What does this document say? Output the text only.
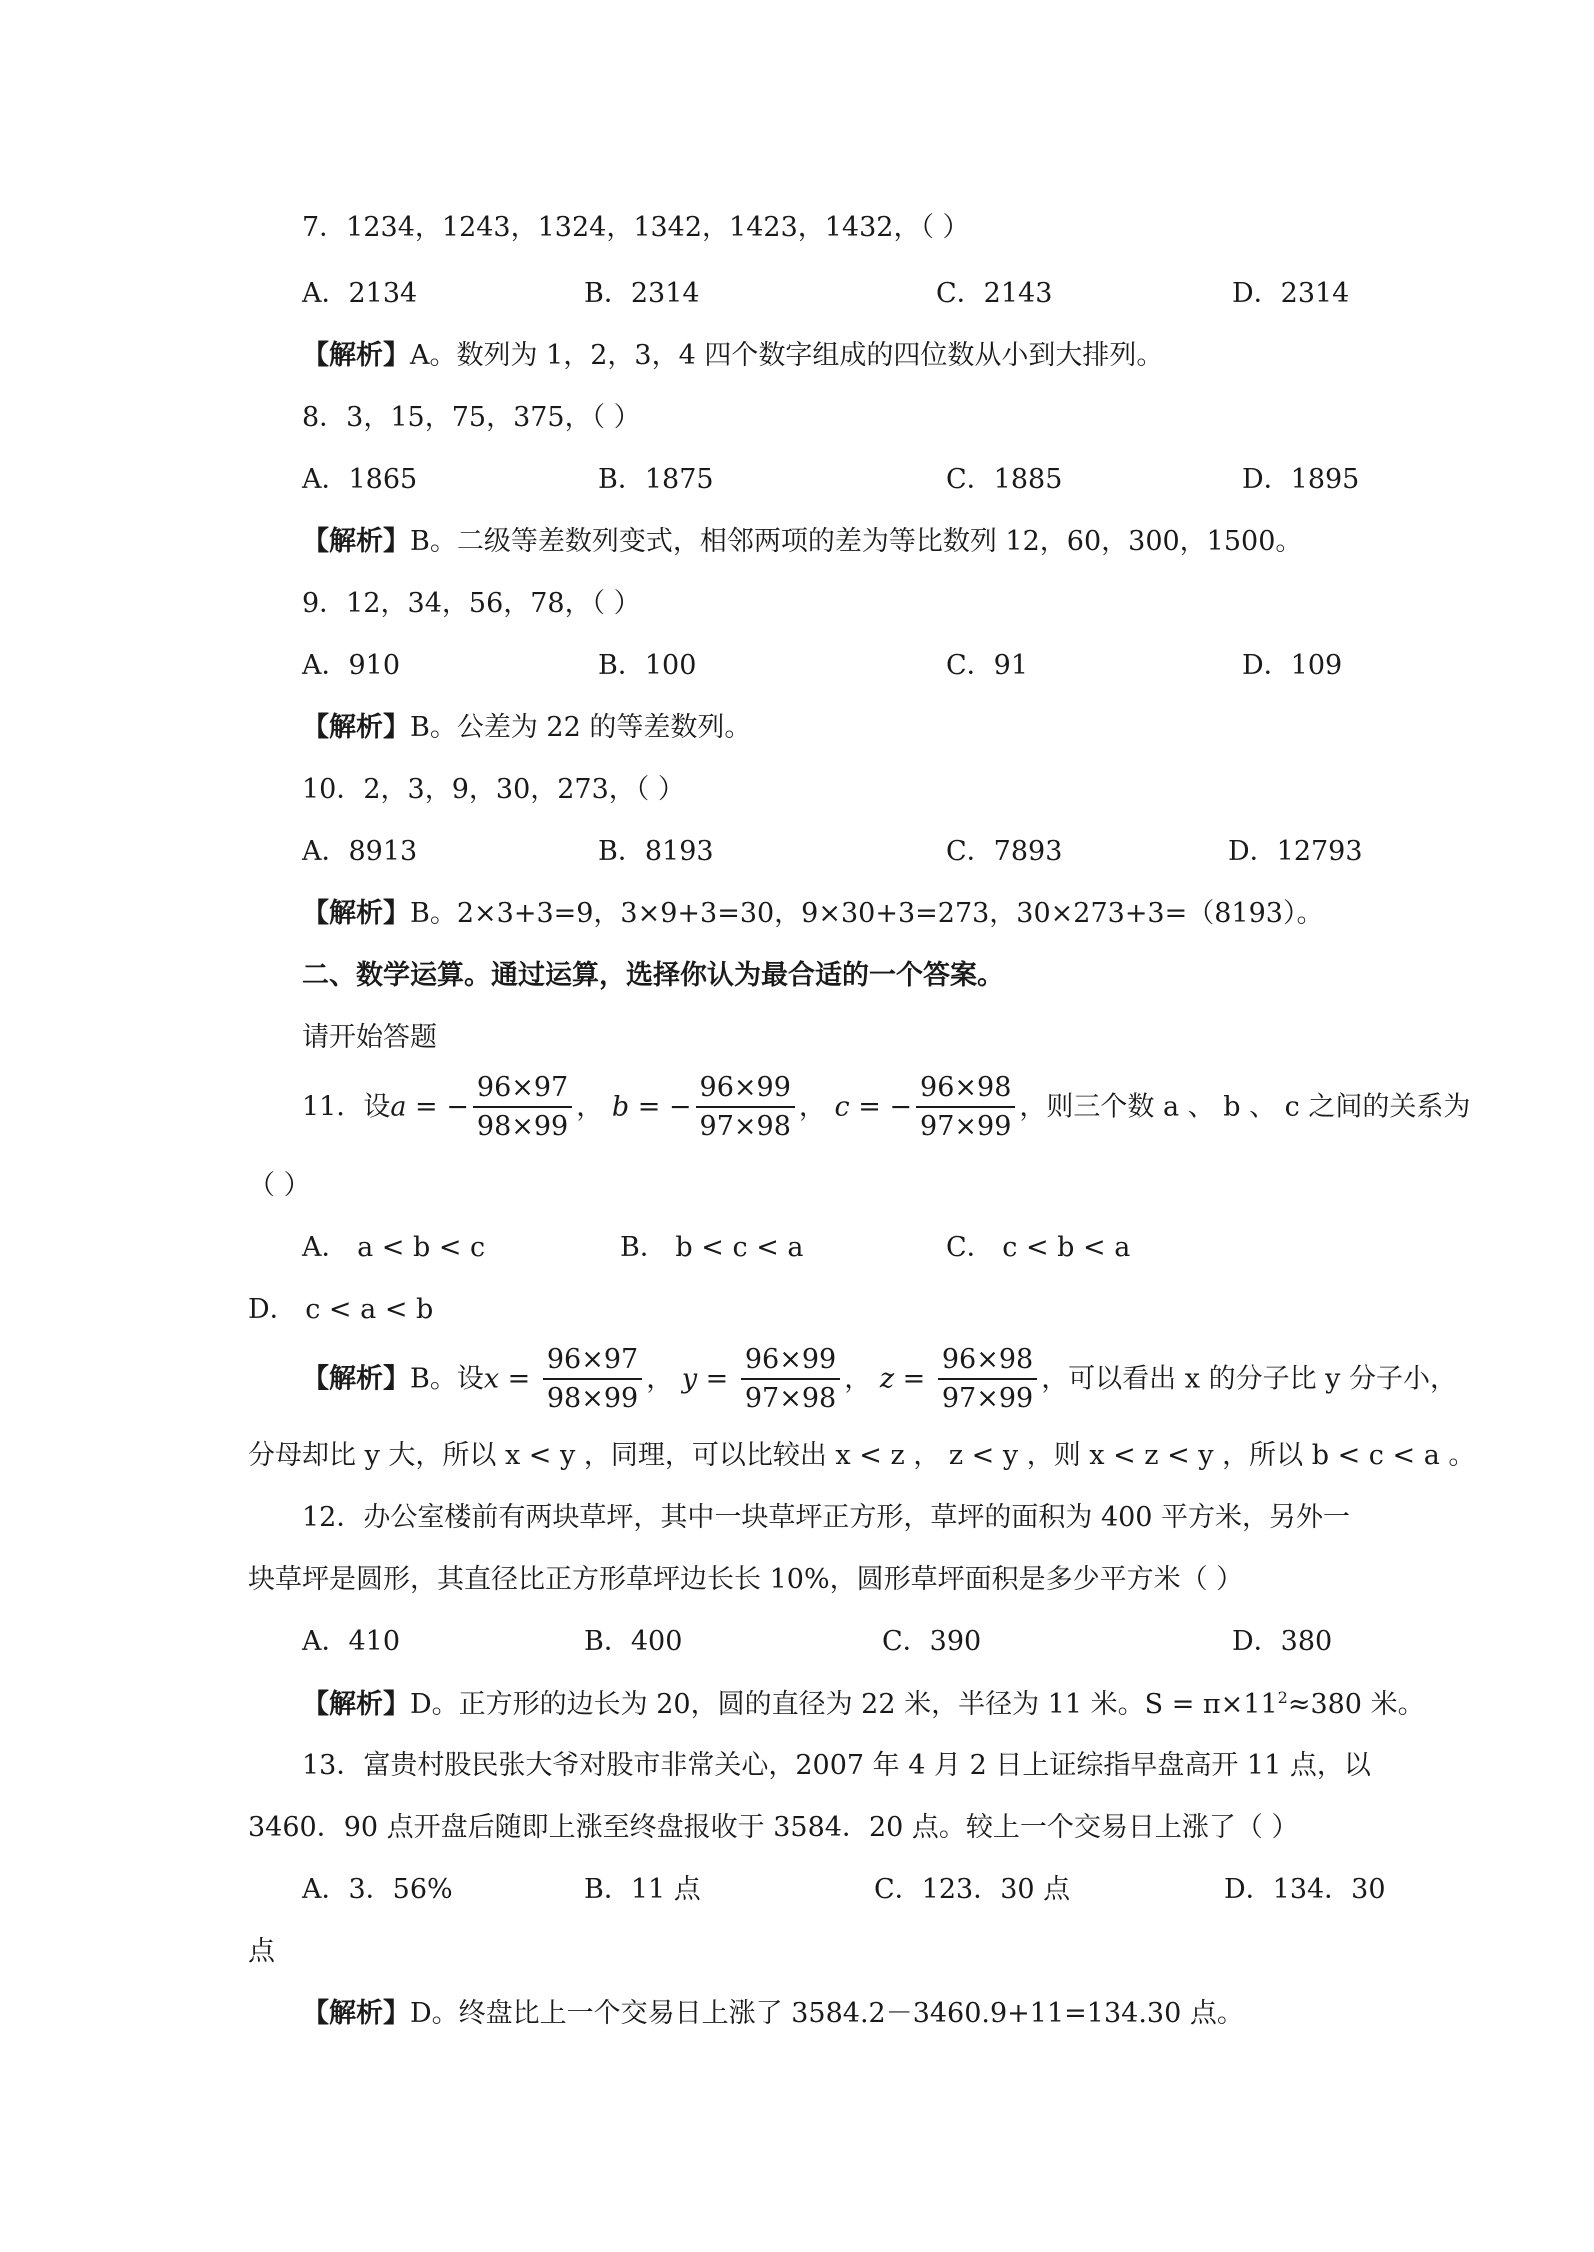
7．1234，1243，1324，1342，1423，1432，（ ）
A．2134	B．2314	C．2143	D．2314
【解析】A。数列为 1，2，3，4 四个数字组成的四位数从小到大排列。
8．3，15，75，375，（ ）
A．1865	B．1875	C．1885	D．1895
【解析】B。二级等差数列变式，相邻两项的差为等比数列 12，60，300，1500。
9．12，34，56，78，（ ）
A．910	B．100	C．91	D．109
【解析】B。公差为 22 的等差数列。
10．2，3，9，30，273，（ ）
A．8913	B．8193	C．7893	D．12793
【解析】B。2×3+3=9，3×9+3=30，9×30+3=273，30×273+3=（8193）。
二、数学运算。通过运算，选择你认为最合适的一个答案。
请开始答题
11．设a = − $\frac{96\times 97}{98\times 99}$ ， b = − $\frac{96\times 99}{97\times 98}$ ， c = − $\frac{96\times 98}{97\times 99}$ ，则三个数 a 、 b 、 c 之间的关系为
（ ）
A． a < b < c	B． b < c < a	C． c < b < a
D． c < a < b
【解析】B。设$x = \frac{96\times 97}{98\times 99}$ ， $y = \frac{96\times 99}{97\times 98}$ ， $z = \frac{96\times 98}{97\times 99}$ ，可以看出 x 的分子比 y 分子小，
分母却比 y 大，所以 x < y ，同理，可以比较出 x < z ， z < y ，则 x < z < y ，所以 b < c < a 。
12．办公室楼前有两块草坪，其中一块草坪正方形，草坪的面积为 400 平方米，另外一
块草坪是圆形，其直径比正方形草坪边长长 10%，圆形草坪面积是多少平方米（ ）
A．410	B．400	C．390	D．380
【解析】D。正方形的边长为 20，圆的直径为 22 米，半径为 11 米。$S = \pi\times 11^2\approx 380$ 米。
13．富贵村股民张大爷对股市非常关心，2007 年 4 月 2 日上证综指早盘高开 11 点，以
3460．90 点开盘后随即上涨至终盘报收于 3584．20 点。较上一个交易日上涨了（ ）
A．3．56%	B．11 点	C．123．30 点	D．134．30
点
【解析】D。终盘比上一个交易日上涨了 3584.2－3460.9+11=134.30 点。
